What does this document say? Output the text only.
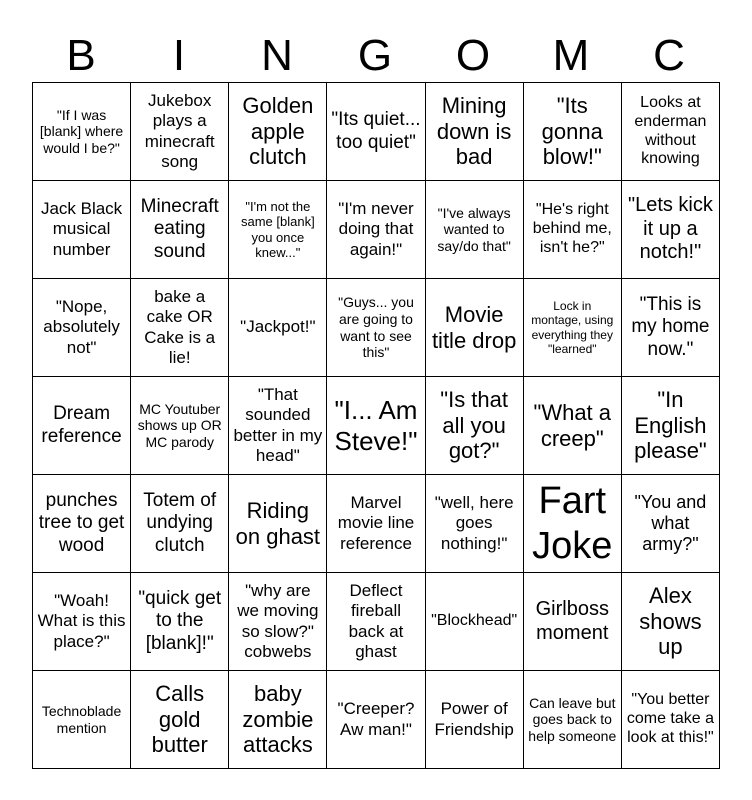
B	I	N	G	O	M	C
"If I was [blank] where would I be?"	Jukebox plays a minecraft song	Golden apple clutch	"Its quiet... too quiet"	Mining down is bad	"Its gonna blow!"	Looks at enderman without knowing
Jack Black musical number	Minecraft eating sound	"I'm not the same [blank] you once knew..."	"I'm never doing that again!"	"I've always wanted to say/do that"	"He's right behind me, isn't he?"	"Lets kick it up a notch!"
"Nope, absolutely not"	bake a cake OR Cake is a lie!	"Jackpot!"	"Guys... you are going to want to see this"	Movie title drop	Lock in montage, using everything they "learned"	"This is my home now."
Dream reference	MC Youtuber shows up OR MC parody	"That sounded better in my head"	"I... Am Steve!"	"Is that all you got?"	"What a creep"	"In English please"
punches tree to get wood	Totem of undying clutch	Riding on ghast	Marvel movie line reference	"well, here goes nothing!"	Fart Joke	"You and what army?"
"Woah! What is this place?"	"quick get to the [blank]!"	"why are we moving so slow?" cobwebs	Deflect fireball back at ghast	"Blockhead"	Girlboss moment	Alex shows up
Technoblade mention	Calls gold butter	baby zombie attacks	"Creeper? Aw man!"	Power of Friendship	Can leave but goes back to help someone	"You better come take a look at this!"
